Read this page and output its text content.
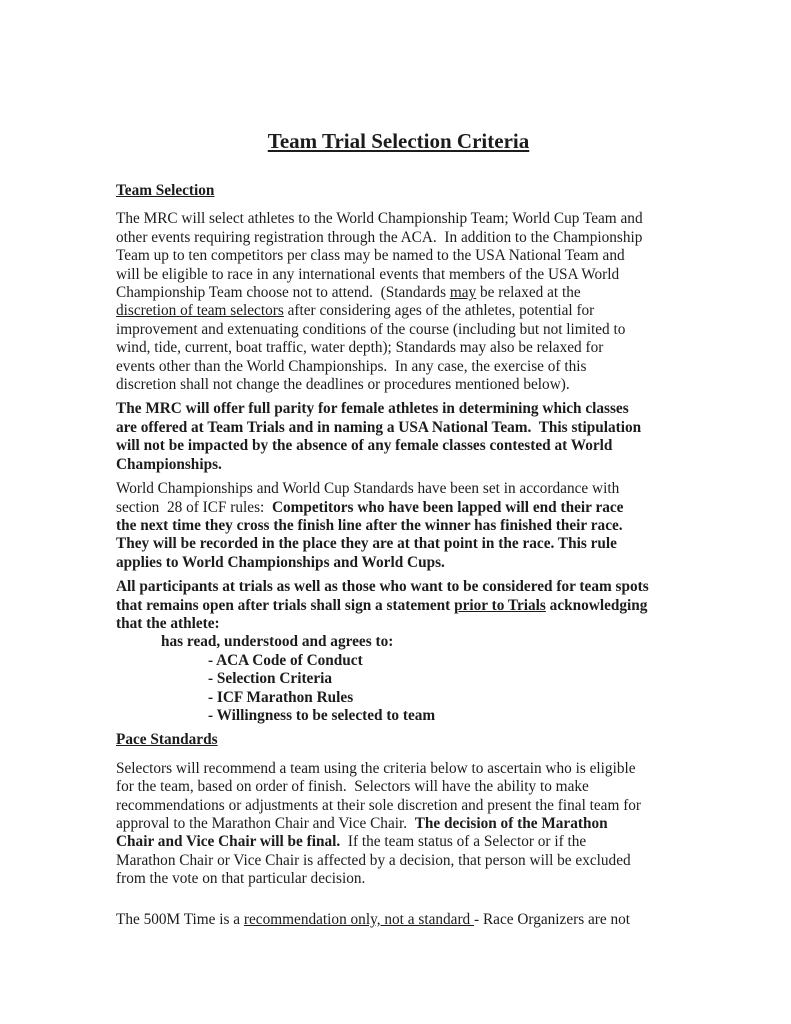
Team Trial Selection Criteria
Team Selection
The MRC will select athletes to the World Championship Team; World Cup Team and
other events requiring registration through the ACA.  In addition to the Championship
Team up to ten competitors per class may be named to the USA National Team and
will be eligible to race in any international events that members of the USA World
Championship Team choose not to attend.  (Standards may be relaxed at the
discretion of team selectors after considering ages of the athletes, potential for
improvement and extenuating conditions of the course (including but not limited to
wind, tide, current, boat traffic, water depth); Standards may also be relaxed for
events other than the World Championships.  In any case, the exercise of this
discretion shall not change the deadlines or procedures mentioned below).
The MRC will offer full parity for female athletes in determining which classes
are offered at Team Trials and in naming a USA National Team.  This stipulation
will not be impacted by the absence of any female classes contested at World
Championships.
World Championships and World Cup Standards have been set in accordance with
section  28 of ICF rules:  Competitors who have been lapped will end their race
the next time they cross the finish line after the winner has finished their race.
They will be recorded in the place they are at that point in the race. This rule
applies to World Championships and World Cups.
All participants at trials as well as those who want to be considered for team spots
that remains open after trials shall sign a statement prior to Trials acknowledging
that the athlete:
has read, understood and agrees to:
- ACA Code of Conduct
- Selection Criteria
- ICF Marathon Rules
- Willingness to be selected to team
Pace Standards
Selectors will recommend a team using the criteria below to ascertain who is eligible
for the team, based on order of finish.  Selectors will have the ability to make
recommendations or adjustments at their sole discretion and present the final team for
approval to the Marathon Chair and Vice Chair.  The decision of the Marathon
Chair and Vice Chair will be final.  If the team status of a Selector or if the
Marathon Chair or Vice Chair is affected by a decision, that person will be excluded
from the vote on that particular decision.
The 500M Time is a recommendation only, not a standard - Race Organizers are not
